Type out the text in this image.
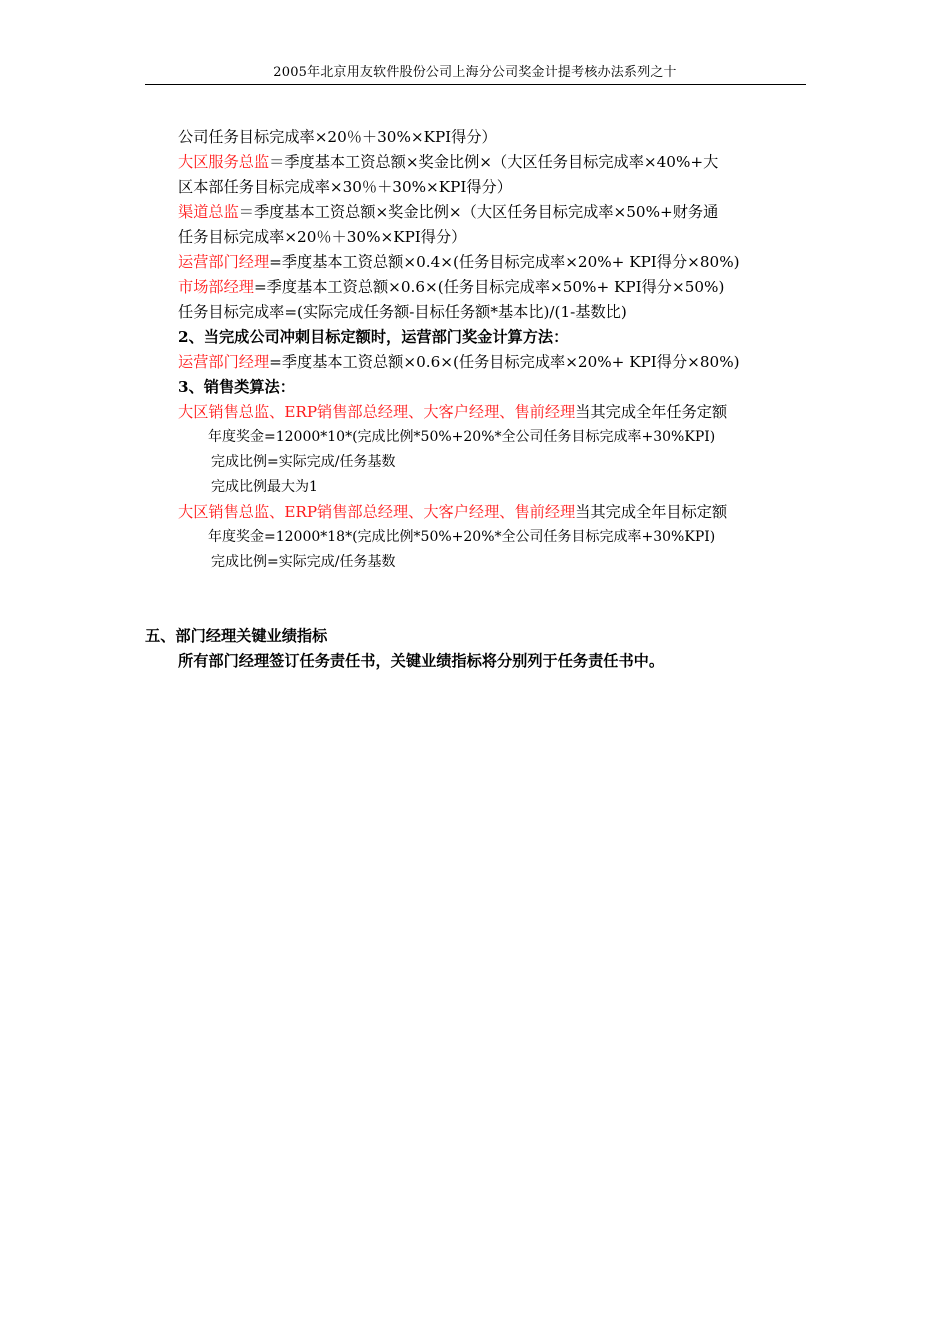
2005年北京用友软件股份公司上海分公司奖金计提考核办法系列之十
公司任务目标完成率×20％＋30%×KPI得分）
大区服务总监＝季度基本工资总额×奖金比例×（大区任务目标完成率×40%+大
区本部任务目标完成率×30％＋30%×KPI得分）
渠道总监＝季度基本工资总额×奖金比例×（大区任务目标完成率×50%+财务通
任务目标完成率×20％＋30%×KPI得分）
运营部门经理=季度基本工资总额×0.4×(任务目标完成率×20%+ KPI得分×80%)
市场部经理=季度基本工资总额×0.6×(任务目标完成率×50%+ KPI得分×50%)
任务目标完成率=(实际完成任务额-目标任务额*基本比)/(1-基数比)
2、当完成公司冲刺目标定额时，运营部门奖金计算方法：
运营部门经理=季度基本工资总额×0.6×(任务目标完成率×20%+ KPI得分×80%)
3、销售类算法：
大区销售总监、ERP销售部总经理、大客户经理、售前经理当其完成全年任务定额
年度奖金=12000*10*(完成比例*50%+20%*全公司任务目标完成率+30%KPI)
完成比例=实际完成/任务基数
完成比例最大为1
大区销售总监、ERP销售部总经理、大客户经理、售前经理当其完成全年目标定额
年度奖金=12000*18*(完成比例*50%+20%*全公司任务目标完成率+30%KPI)
完成比例=实际完成/任务基数
五、部门经理关键业绩指标
所有部门经理签订任务责任书，关键业绩指标将分别列于任务责任书中。
